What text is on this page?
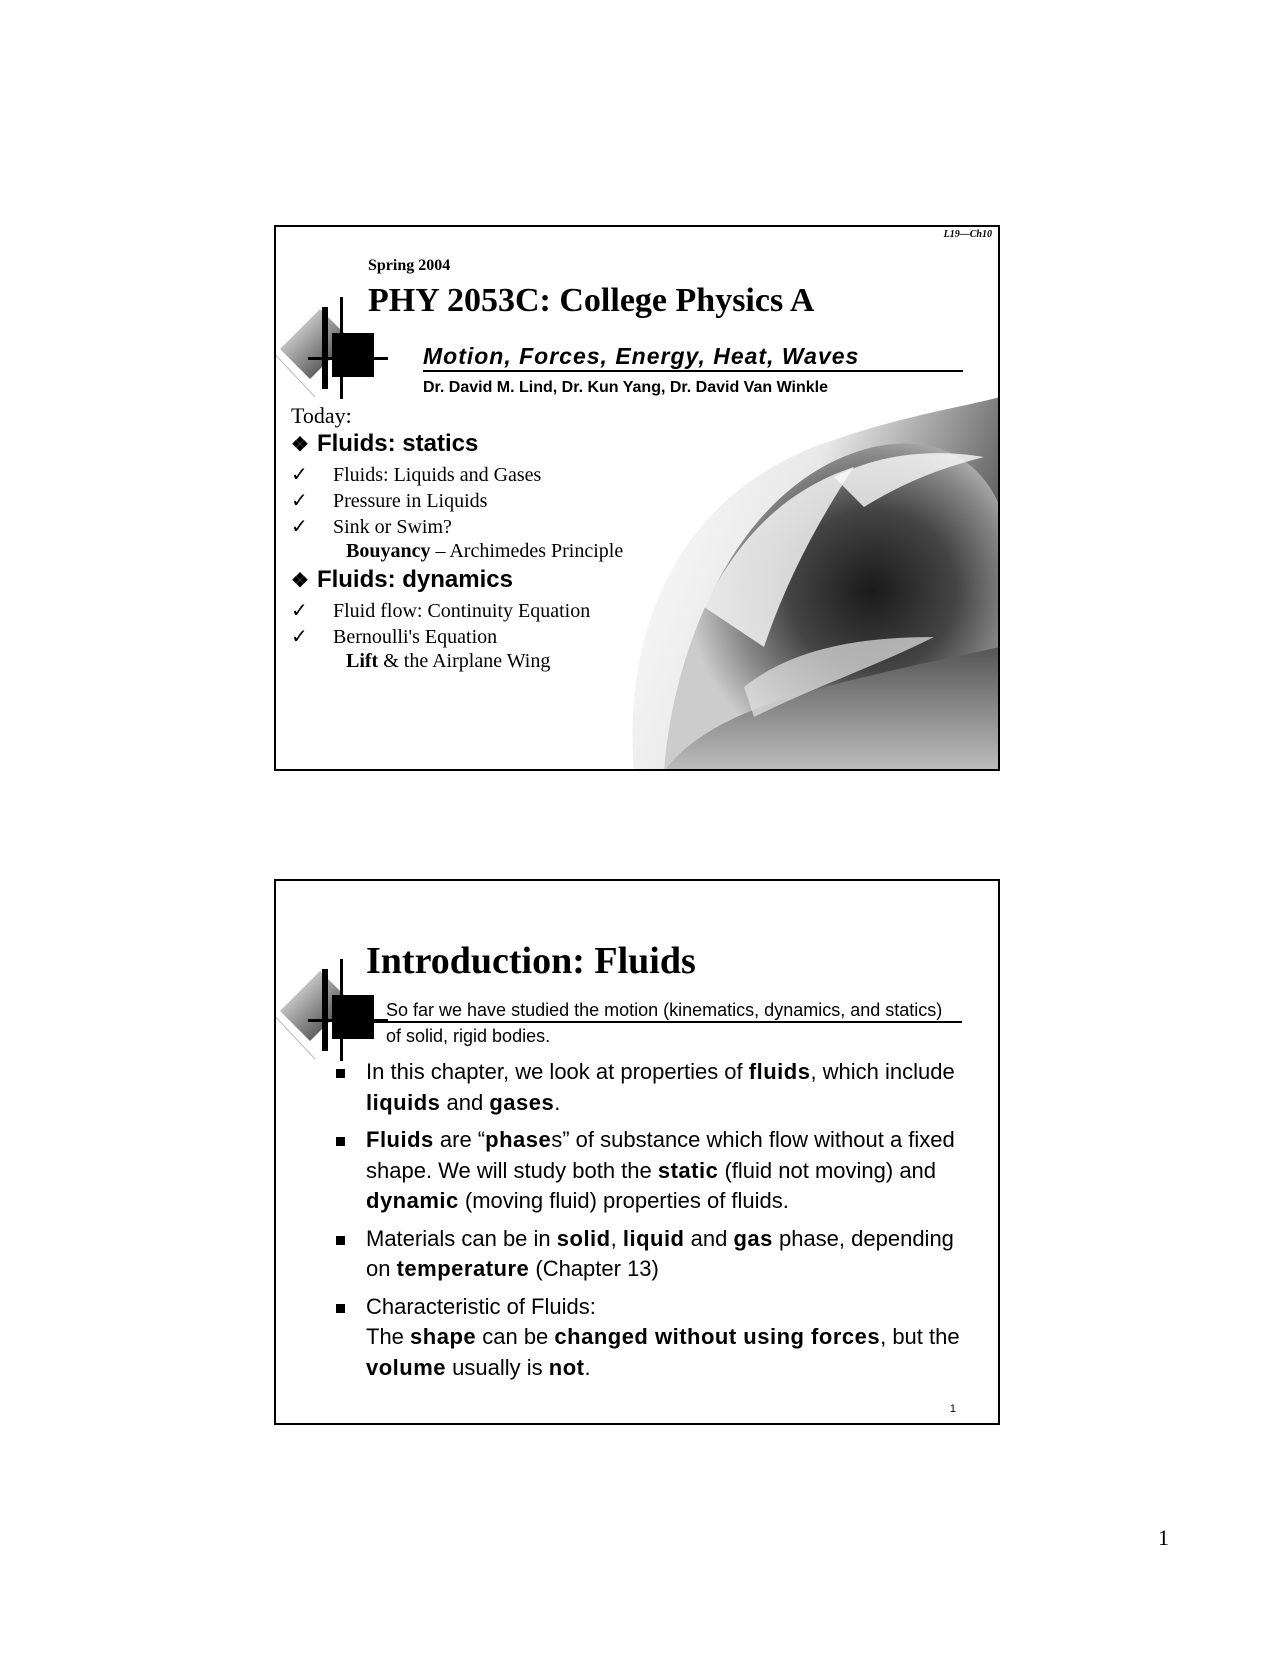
L19—Ch10
Spring 2004
PHY 2053C: College Physics A
Motion, Forces, Energy, Heat, Waves
Dr. David M. Lind, Dr. Kun Yang, Dr. David Van Winkle
Today:
❖ Fluids: statics
✓ Fluids: Liquids and Gases
✓ Pressure in Liquids
✓ Sink or Swim?
Bouyancy – Archimedes Principle
❖ Fluids: dynamics
✓ Fluid flow: Continuity Equation
✓ Bernoulli's Equation
Lift & the Airplane Wing
Introduction: Fluids
So far we have studied the motion (kinematics, dynamics, and statics) of solid, rigid bodies.
In this chapter, we look at properties of fluids, which include liquids and gases.
Fluids are “phases” of substance which flow without a fixed shape. We will study both the static (fluid not moving) and dynamic (moving fluid) properties of fluids.
Materials can be in solid, liquid and gas phase, depending on temperature (Chapter 13)
Characteristic of Fluids:
The shape can be changed without using forces, but the volume usually is not.
1
1
